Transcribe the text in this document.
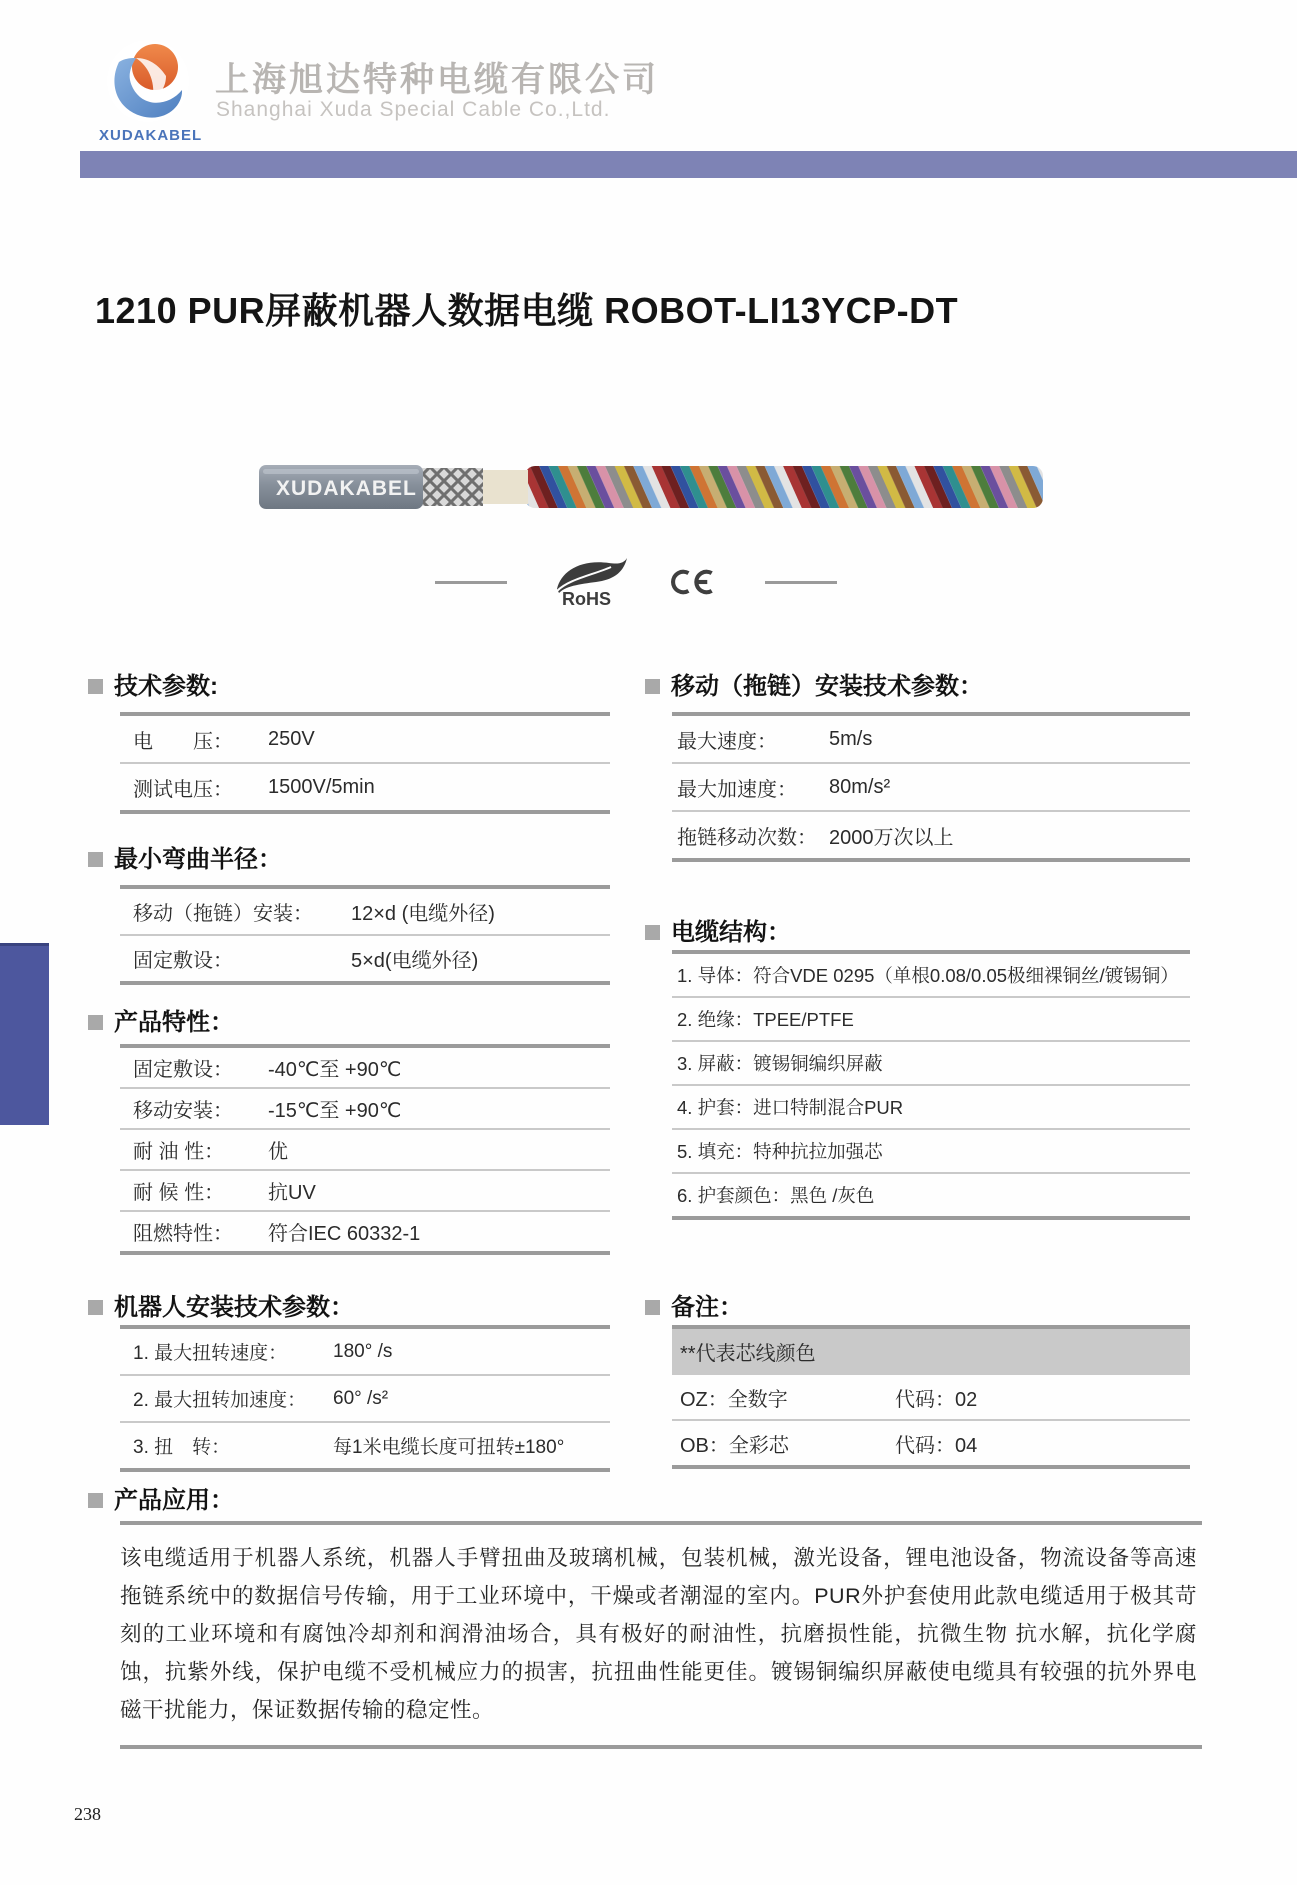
XUDAKABEL
上海旭达特种电缆有限公司
Shanghai Xuda Special Cable Co.,Ltd.
1210 PUR屏蔽机器人数据电缆 ROBOT-LI13YCP-DT
XUDAKABEL
RoHS
技术参数:
电　　压：	250V
测试电压：	1500V/5min
移动（拖链）安装技术参数：
最大速度：	5m/s
最大加速度：	80m/s²
拖链移动次数： 2000万次以上
最小弯曲半径：
移动（拖链）安装：	12×d (电缆外径)
固定敷设：	5×d(电缆外径)
电缆结构：
1. 导体：符合VDE 0295（单根0.08/0.05极细裸铜丝/镀锡铜）
2. 绝缘：TPEE/PTFE
3. 屏蔽：镀锡铜编织屏蔽
4. 护套：进口特制混合PUR
5. 填充：特种抗拉加强芯
6. 护套颜色：黑色 /灰色
产品特性：
固定敷设：	-40℃至 +90℃
移动安装：	-15℃至 +90℃
耐 油 性：	优
耐 候 性：	抗UV
阻燃特性：	符合IEC 60332-1
机器人安装技术参数：
1. 最大扭转速度：	180° /s
2. 最大扭转加速度：	60° /s²
3. 扭　转：	每1米电缆长度可扭转±180°
备注：
**代表芯线颜色
OZ：全数字	代码：02
OB：全彩芯	代码：04
产品应用：
该电缆适用于机器人系统，机器人手臂扭曲及玻璃机械，包装机械，激光设备，锂电池设备，物流设备等高速拖链系统中的数据信号传输，用于工业环境中，干燥或者潮湿的室内。PUR外护套使用此款电缆适用于极其苛刻的工业环境和有腐蚀冷却剂和润滑油场合，具有极好的耐油性，抗磨损性能，抗微生物 抗水解，抗化学腐蚀，抗紫外线，保护电缆不受机械应力的损害，抗扭曲性能更佳。镀锡铜编织屏蔽使电缆具有较强的抗外界电磁干扰能力，保证数据传输的稳定性。
238
